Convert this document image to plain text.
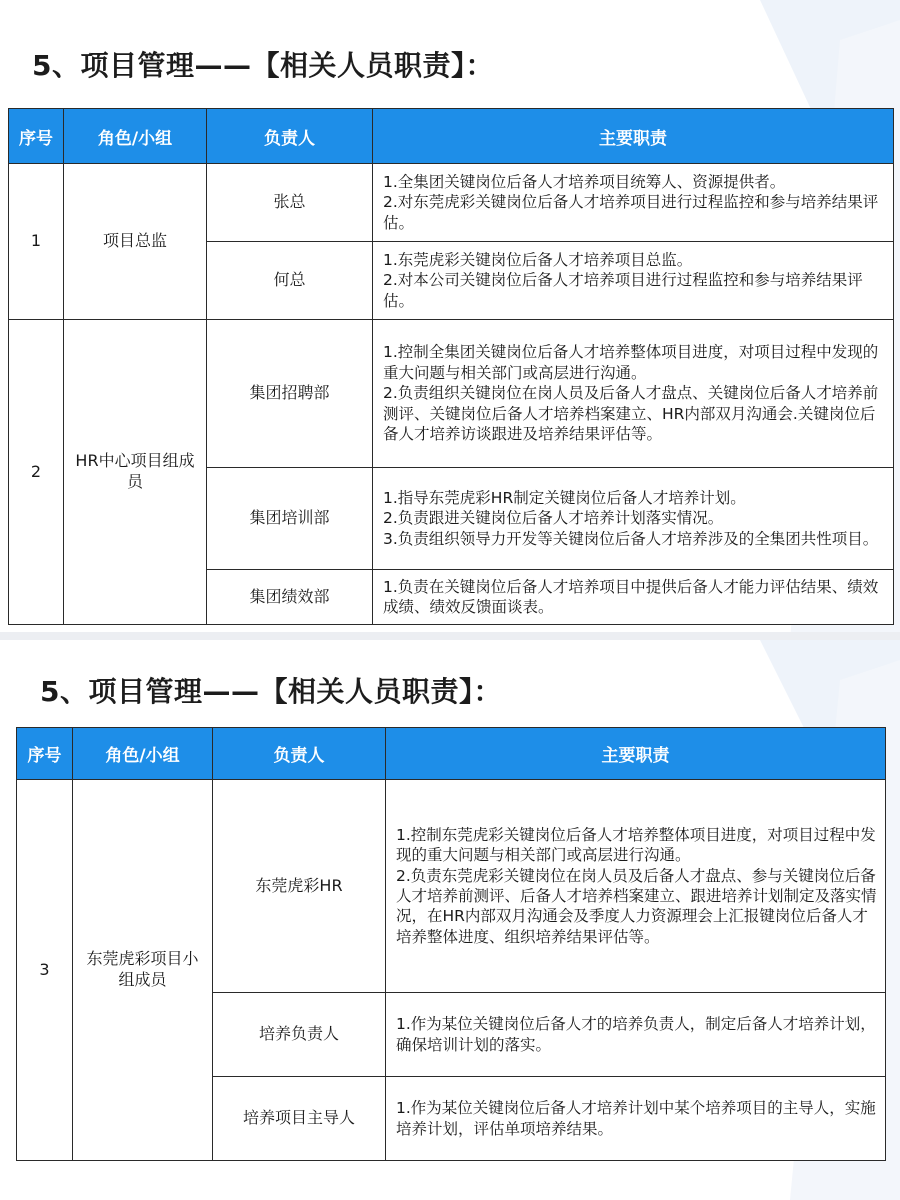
5、项目管理——【相关人员职责】：
序号	角色/小组	负责人	主要职责
1	项目总监	张总	1.全集团关键岗位后备人才培养项目统筹人、资源提供者。
2.对东莞虎彩关键岗位后备人才培养项目进行过程监控和参与培养结果评估。

		何总	1.东莞虎彩关键岗位后备人才培养项目总监。
2.对本公司关键岗位后备人才培养项目进行过程监控和参与培养结果评估。

2	HR中心项目组成员	集团招聘部	1.控制全集团关键岗位后备人才培养整体项目进度，对项目过程中发现的重大问题与相关部门或高层进行沟通。
2.负责组织关键岗位在岗人员及后备人才盘点、关键岗位后备人才培养前测评、关键岗位后备人才培养档案建立、HR内部双月沟通会.关键岗位后备人才培养访谈跟进及培养结果评估等。

		集团培训部	1.指导东莞虎彩HR制定关键岗位后备人才培养计划。
2.负责跟进关键岗位后备人才培养计划落实情况。
3.负责组织领导力开发等关键岗位后备人才培养涉及的全集团共性项目。

		集团绩效部	1.负责在关键岗位后备人才培养项目中提供后备人才能力评估结果、绩效成绩、绩效反馈面谈表。
5、项目管理——【相关人员职责】：
序号	角色/小组	负责人	主要职责
3	东莞虎彩项目小组成员	东莞虎彩HR	1.控制东莞虎彩关键岗位后备人才培养整体项目进度，对项目过程中发现的重大问题与相关部门或高层进行沟通。
2.负责东莞虎彩关键岗位在岗人员及后备人才盘点、参与关键岗位后备人才培养前测评、后备人才培养档案建立、跟进培养计划制定及落实情况，在HR内部双月沟通会及季度人力资源理会上汇报键岗位后备人才培养整体进度、组织培养结果评估等。

		培养负责人	1.作为某位关键岗位后备人才的培养负责人，制定后备人才培养计划，确保培训计划的落实。

		培养项目主导人	1.作为某位关键岗位后备人才培养计划中某个培养项目的主导人，实施培养计划，评估单项培养结果。
